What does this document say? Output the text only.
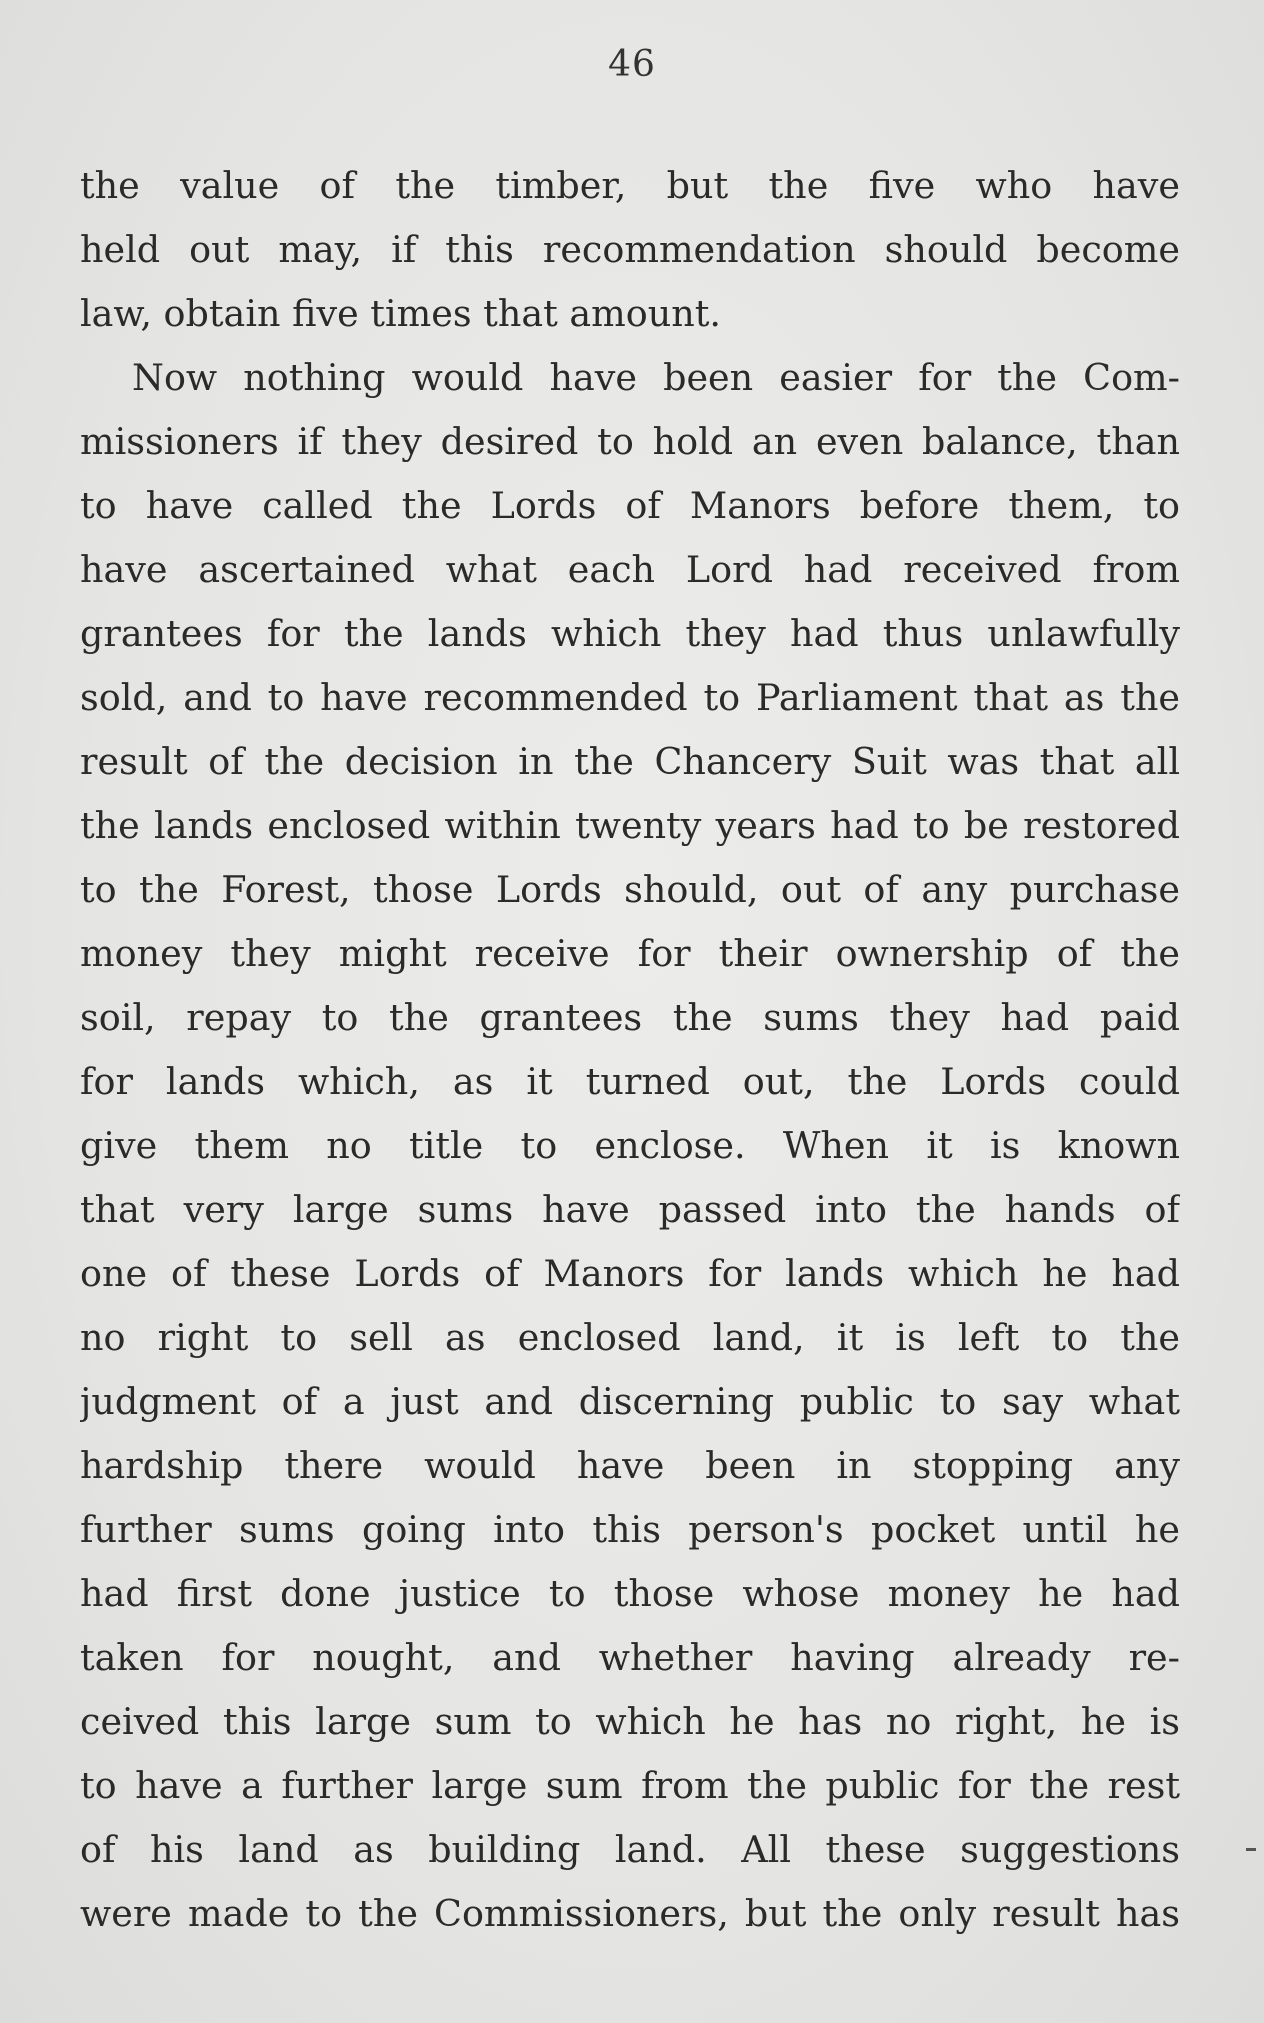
46
the value of the timber, but the five who have
held out may, if this recommendation should become
law, obtain five times that amount.
Now nothing would have been easier for the Com-
missioners if they desired to hold an even balance, than
to have called the Lords of Manors before them, to
have ascertained what each Lord had received from
grantees for the lands which they had thus unlawfully
sold, and to have recommended to Parliament that as the
result of the decision in the Chancery Suit was that all
the lands enclosed within twenty years had to be restored
to the Forest, those Lords should, out of any purchase
money they might receive for their ownership of the
soil, repay to the grantees the sums they had paid
for lands which, as it turned out, the Lords could
give them no title to enclose. When it is known
that very large sums have passed into the hands of
one of these Lords of Manors for lands which he had
no right to sell as enclosed land, it is left to the
judgment of a just and discerning public to say what
hardship there would have been in stopping any
further sums going into this person's pocket until he
had first done justice to those whose money he had
taken for nought, and whether having already re-
ceived this large sum to which he has no right, he is
to have a further large sum from the public for the rest
of his land as building land. All these suggestions
were made to the Commissioners, but the only result has
